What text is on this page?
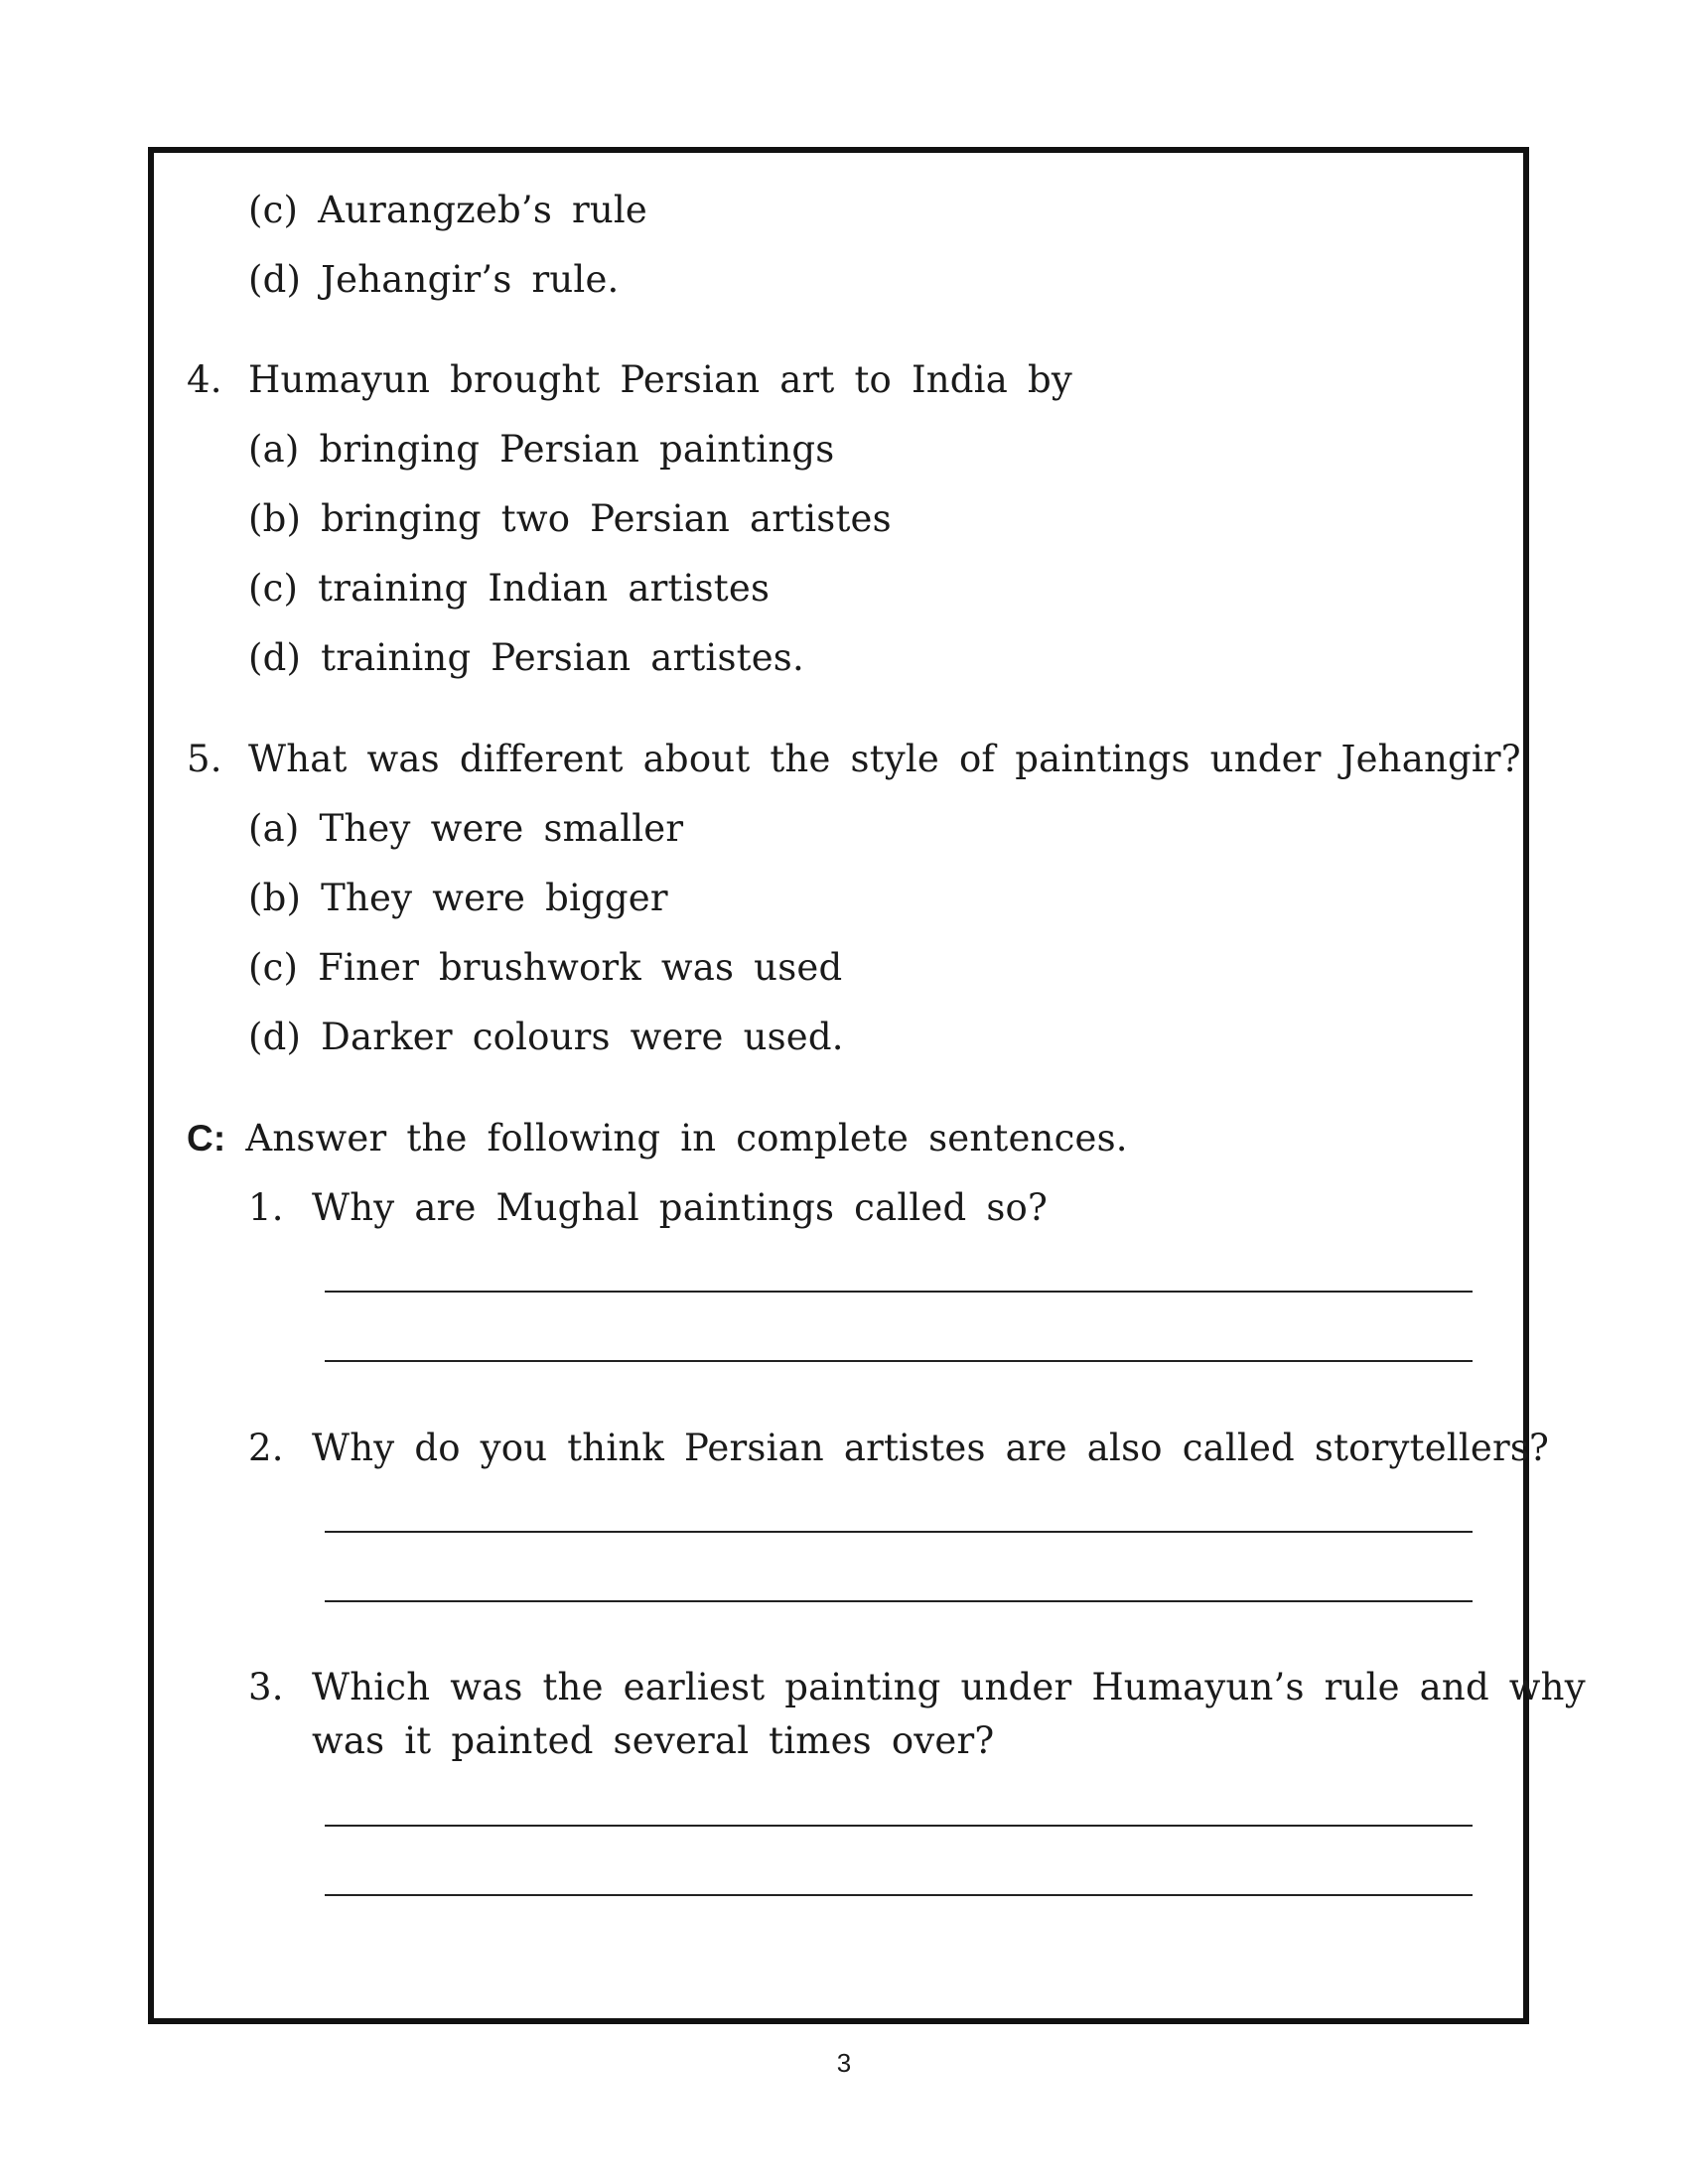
(c) Aurangzeb’s rule
(d) Jehangir’s rule.
4. Humayun brought Persian art to India by
(a) bringing Persian paintings
(b) bringing two Persian artistes
(c) training Indian artistes
(d) training Persian artistes.
5. What was different about the style of paintings under Jehangir?
(a) They were smaller
(b) They were bigger
(c) Finer brushwork was used
(d) Darker colours were used.
C: Answer the following in complete sentences.
1. Why are Mughal paintings called so?
2. Why do you think Persian artistes are also called storytellers?
3. Which was the earliest painting under Humayun’s rule and why
was it painted several times over?
3
